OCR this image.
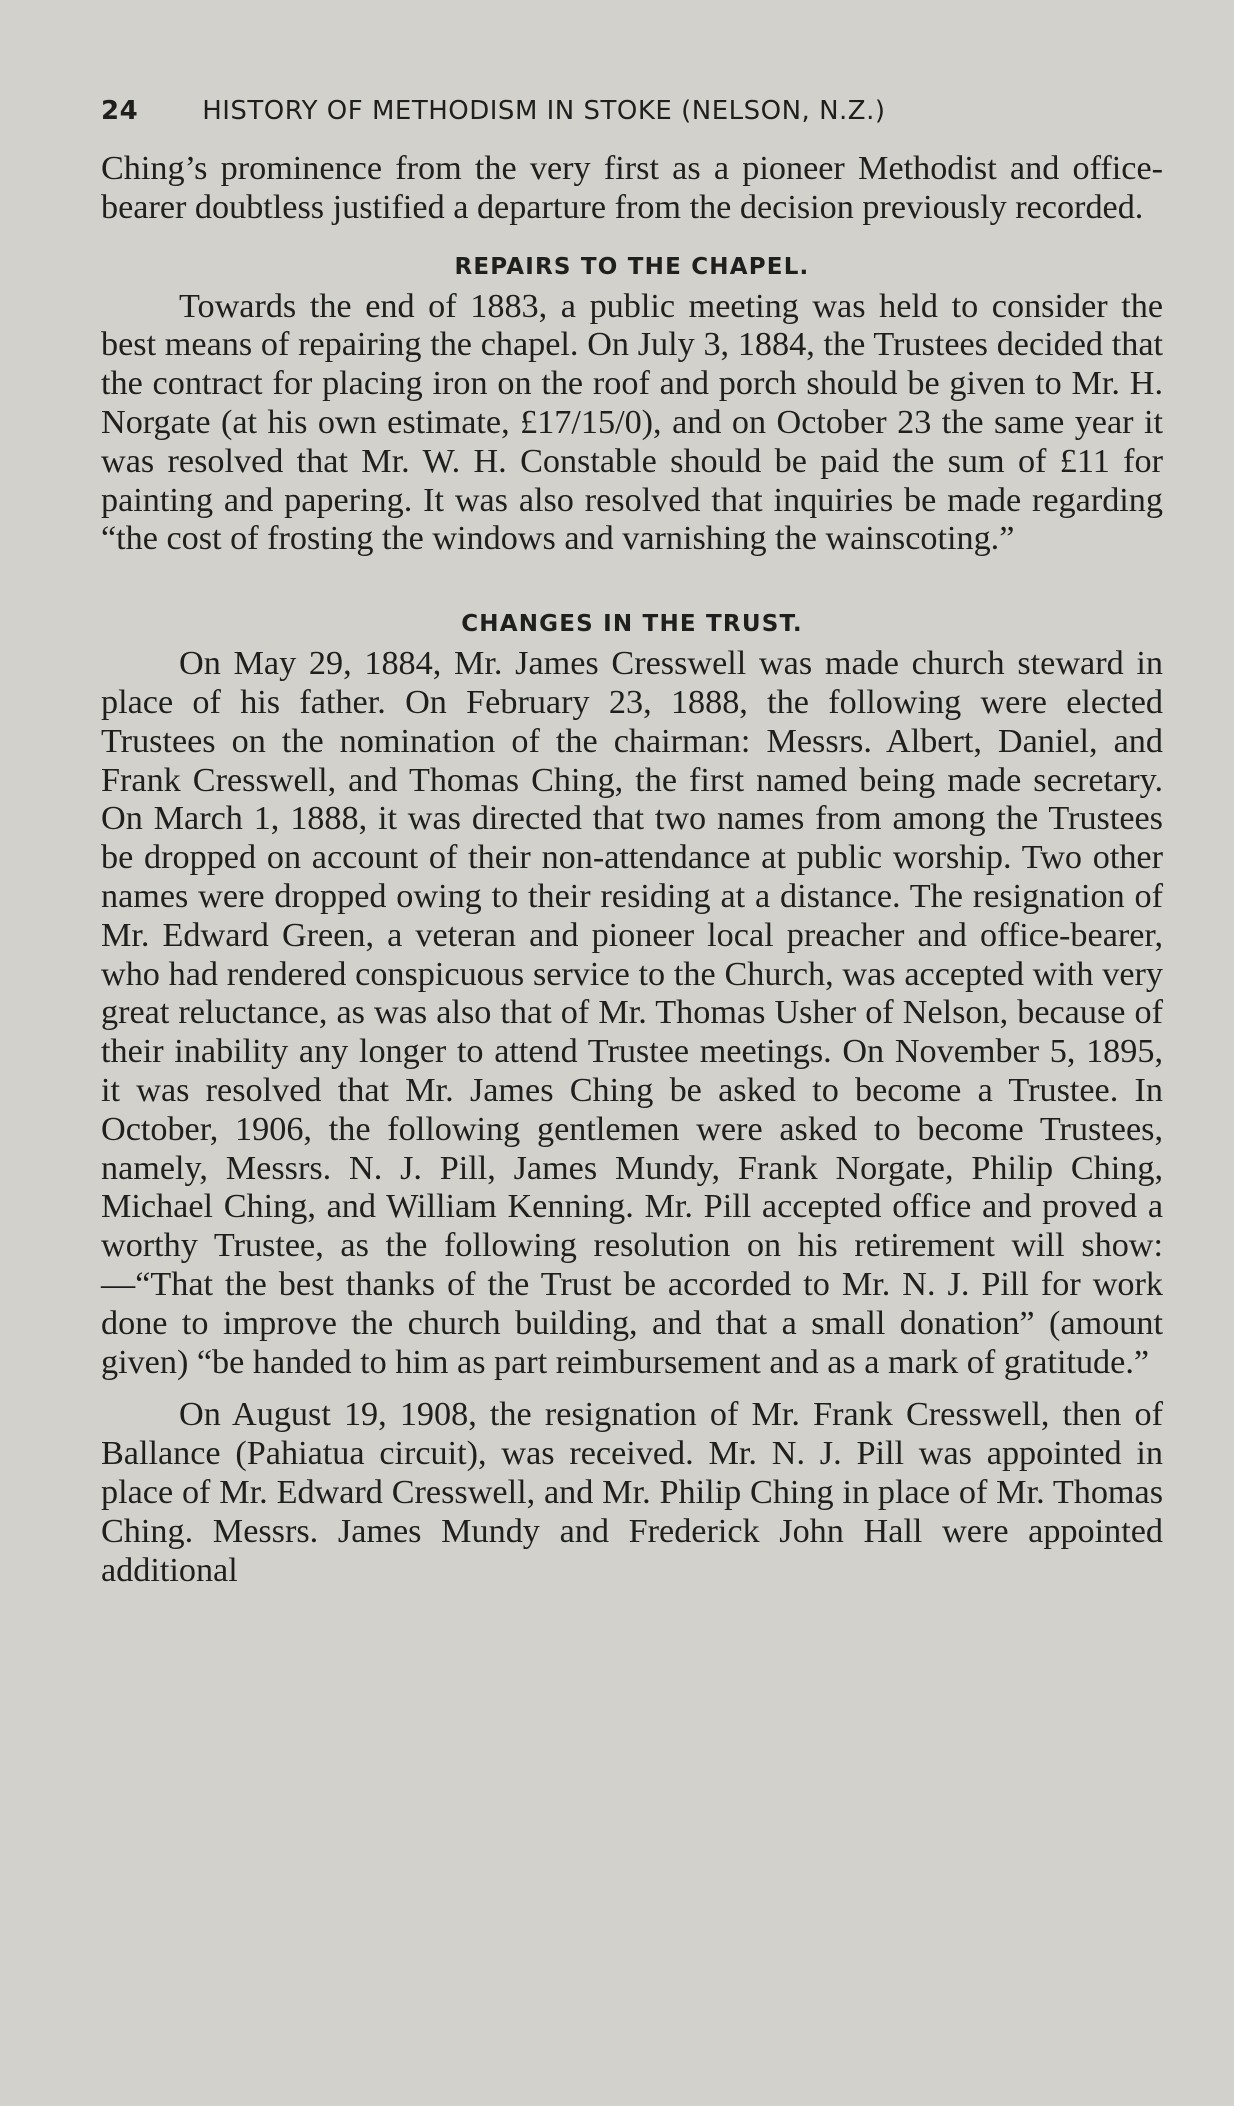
24 HISTORY OF METHODISM IN STOKE (NELSON, N.Z.)

Ching’s prominence from the very first as a pioneer Methodist and office-bearer doubtless justified a departure from the decision previously recorded.

REPAIRS TO THE CHAPEL.

Towards the end of 1883, a public meeting was held to consider the best means of repairing the chapel. On July 3, 1884, the Trustees decided that the contract for placing iron on the roof and porch should be given to Mr. H. Norgate (at his own estimate, £17/15/0), and on October 23 the same year it was resolved that Mr. W. H. Constable should be paid the sum of £11 for painting and papering. It was also resolved that inquiries be made regarding “the cost of frosting the windows and varnishing the wainscoting.”

CHANGES IN THE TRUST.

On May 29, 1884, Mr. James Cresswell was made church steward in place of his father. On February 23, 1888, the following were elected Trustees on the nomination of the chairman: Messrs. Albert, Daniel, and Frank Cresswell, and Thomas Ching, the first named being made secretary. On March 1, 1888, it was directed that two names from among the Trustees be dropped on account of their non-attendance at public worship. Two other names were dropped owing to their residing at a distance. The resignation of Mr. Edward Green, a veteran and pioneer local preacher and office-bearer, who had rendered conspicuous service to the Church, was accepted with very great reluctance, as was also that of Mr. Thomas Usher of Nelson, because of their inability any longer to attend Trustee meetings. On November 5, 1895, it was resolved that Mr. James Ching be asked to become a Trustee. In October, 1906, the following gentlemen were asked to become Trustees, namely, Messrs. N. J. Pill, James Mundy, Frank Norgate, Philip Ching, Michael Ching, and William Kenning. Mr. Pill accepted office and proved a worthy Trustee, as the following resolution on his retirement will show:—“That the best thanks of the Trust be accorded to Mr. N. J. Pill for work done to improve the church building, and that a small donation” (amount given) “be handed to him as part reimbursement and as a mark of gratitude.”

On August 19, 1908, the resignation of Mr. Frank Cresswell, then of Ballance (Pahiatua circuit), was received. Mr. N. J. Pill was appointed in place of Mr. Edward Cresswell, and Mr. Philip Ching in place of Mr. Thomas Ching. Messrs. James Mundy and Frederick John Hall were appointed additional
